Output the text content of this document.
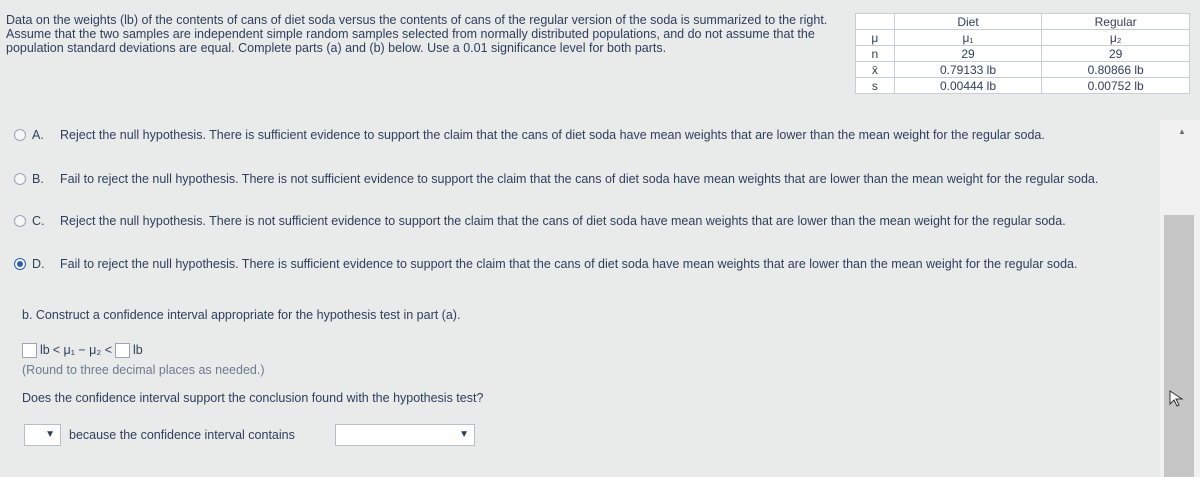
Data on the weights (lb) of the contents of cans of diet soda versus the contents of cans of the regular version of the soda is summarized to the right. Assume that the two samples are independent simple random samples selected from normally distributed populations, and do not assume that the population standard deviations are equal. Complete parts (a) and (b) below. Use a 0.01 significance level for both parts.
	Diet	Regular
μ	μ₁	μ₂
n	29	29
x̄	0.79133 lb	0.80866 lb
s	0.00444 lb	0.00752 lb
A. Reject the null hypothesis. There is sufficient evidence to support the claim that the cans of diet soda have mean weights that are lower than the mean weight for the regular soda.
B. Fail to reject the null hypothesis. There is not sufficient evidence to support the claim that the cans of diet soda have mean weights that are lower than the mean weight for the regular soda.
C. Reject the null hypothesis. There is not sufficient evidence to support the claim that the cans of diet soda have mean weights that are lower than the mean weight for the regular soda.
D. Fail to reject the null hypothesis. There is sufficient evidence to support the claim that the cans of diet soda have mean weights that are lower than the mean weight for the regular soda.
b. Construct a confidence interval appropriate for the hypothesis test in part (a).
lb < μ₁ − μ₂ < lb
(Round to three decimal places as needed.)
Does the confidence interval support the conclusion found with the hypothesis test?
▼ because the confidence interval contains	▼
▲
